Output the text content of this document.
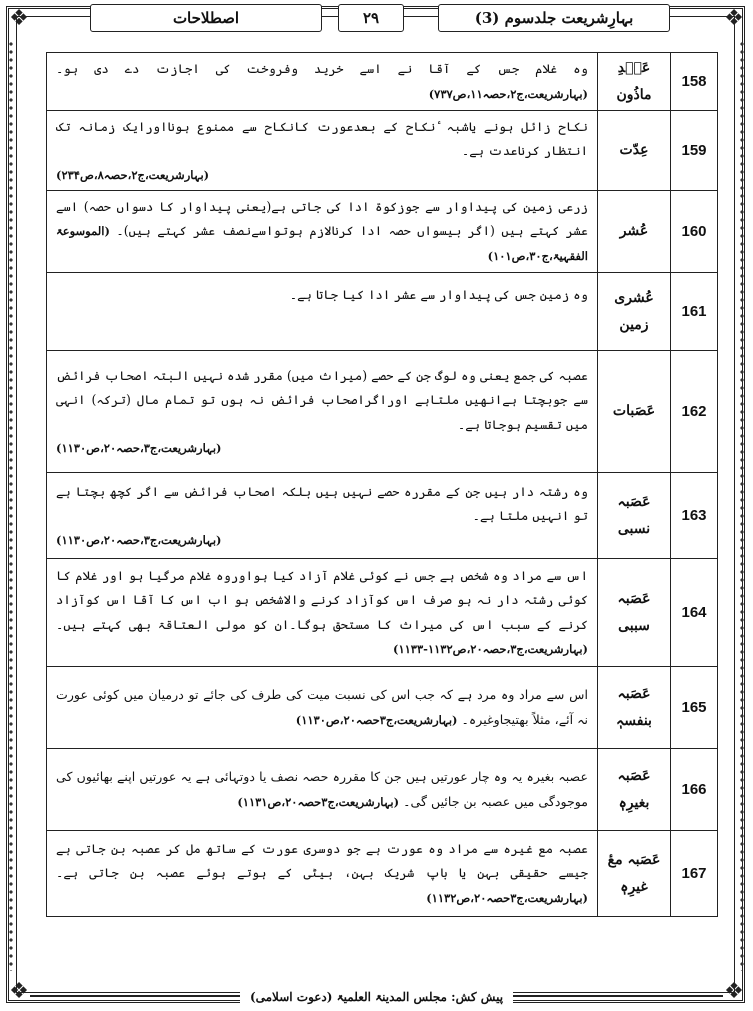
❖	❖
❖	❖
بہارِشریعت جلدسوم (3)
۲۹
اصطلاحات
158	عَبۡدِ ماذُون	وہ غلام جس کے آقا نے اسے خرید وفروخت کی اجازت دے دی ہو۔ (بہارشریعت،ج۲،حصہ۱۱،ص۷۳۷)
159	عِدّت	نکاح زائل ہونے یاشبہ ٔنکاح کے بعدعورت کانکاح سے ممنوع ہونااورایک زمانہ تک انتظار کرناعدت ہے۔
(بہارشریعت،ج۲،حصہ۸،ص۲۳۴)

160	عُشر	زرعی زمین کی پیداوار سے جوزکوۃ ادا کی جاتی ہے(یعنی پیداوار کا دسواں حصہ) اسے عشر کہتے ہیں (اگر بیسواں حصہ ادا کرنالازم ہوتواسےنصف عشر کہتے ہیں)۔ (الموسوعۃ الفقہیۃ،ج۳۰،ص۱۰۱)
161	عُشری زمین	وہ زمین جس کی پیداوار سے عشر ادا کیا جاتا ہے۔
162	عَصَبات	عصبہ کی جمع یعنی وہ لوگ جن کے حصے (میراث میں) مقرر شدہ نہیں البتہ اصحاب فرائض سے جوبچتا ہےانھیں ملتاہے اوراگراصحاب فرائض نہ ہوں تو تمام مال (ترکہ) انہی میں تقسیم ہوجاتا ہے۔
(بہارشریعت،ج۳،حصہ۲۰،ص۱۱۳۰)

163	عَصَبہ نسبی	وہ رشتہ دار ہیں جن کے مقررہ حصے نہیں ہیں بلکہ اصحاب فرائض سے اگر کچھ بچتا ہے تو انہیں ملتا ہے۔
(بہارشریعت،ج۳،حصہ۲۰،ص۱۱۳۰)

164	عَصَبہ سببی	اس سے مراد وہ شخص ہے جس نے کوئی غلام آزاد کیا ہواوروہ غلام مرگیا ہو اور غلام کا کوئی رشتہ دار نہ ہو صرف اس کوآزاد کرنے والاشخص ہو اب اس کا آقا اس کوآزاد کرنے کے سبب اس کی میراث کا مستحق ہوگا۔ان کو مولی العتاقۃ بھی کہتے ہیں۔ (بہارشریعت،ج۳،حصہ۲۰،ص۱۱۳۲-۱۱۳۳)
165	عَصَبہ بنفسہٖ	اس سے مراد وہ مرد ہے کہ جب اس کی نسبت میت کی طرف کی جائے تو درمیان میں کوئی عورت نہ آئے، مثلاً بھتیجاوغیرہ۔ (بہارشریعت،ج۳حصہ۲۰،ص۱۱۳۰)
166	عَصَبہ بغیرِہٖ	عصبہ بغیرہ یہ وہ چار عورتیں ہیں جن کا مقررہ حصہ نصف یا دوتہائی ہے یہ عورتیں اپنے بھائیوں کی موجودگی میں عصبہ بن جائیں گی۔ (بہارشریعت،ج۳حصہ۲۰،ص۱۱۳۱)
167	عَصَبہ معٔ غیرِہٖ	عصبہ مع غیرہ سے مراد وہ عورت ہے جو دوسری عورت کے ساتھ مل کر عصبہ بن جاتی ہے جیسے حقیقی بہن یا باپ شریک بہن، بیٹی کے ہوتے ہوئے عصبہ بن جاتی ہے۔ (بہارشریعت،ج۳حصہ۲۰،ص۱۱۳۲)
پیش کش: مجلس المدینۃ العلمیۃ (دعوت اسلامی)
